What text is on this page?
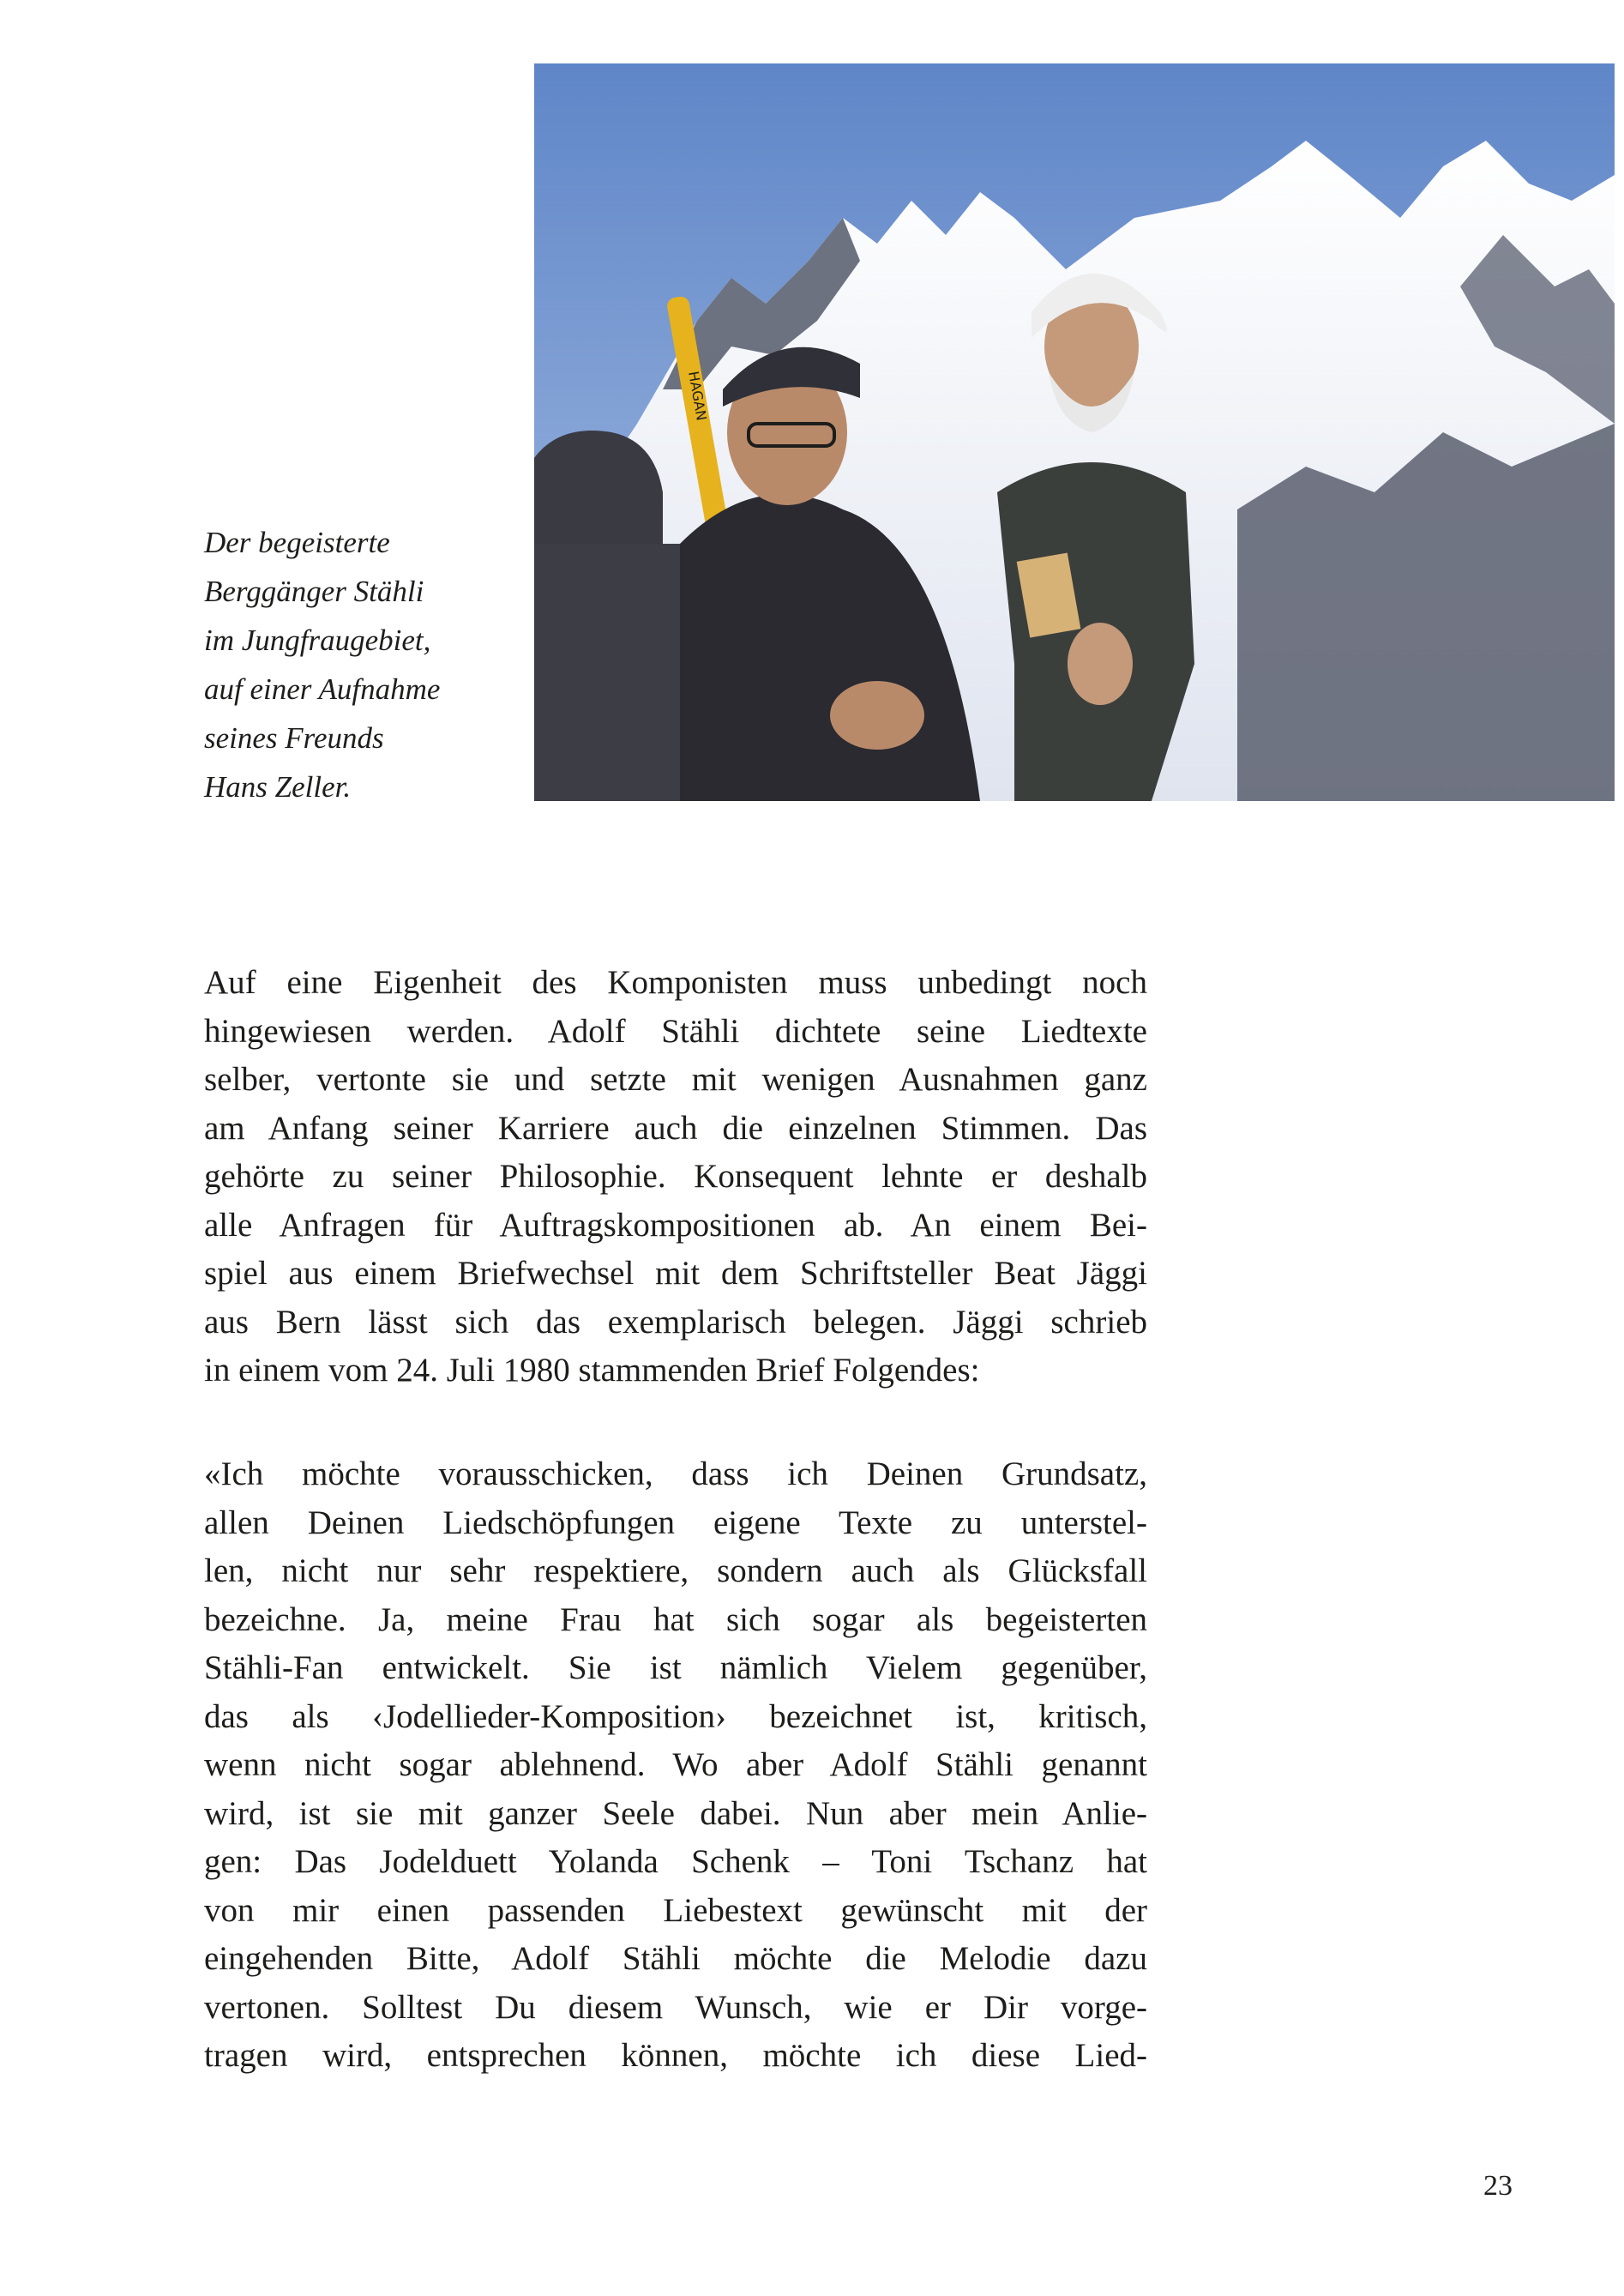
Der begeisterte
Berggänger Stähli
im Jungfraugebiet,
auf einer Aufnahme
seines Freunds
Hans Zeller.
HAGAN
Auf eine Eigenheit des Komponisten muss unbedingt noch
hingewiesen werden. Adolf Stähli dichtete seine Liedtexte
selber, vertonte sie und setzte mit wenigen Ausnahmen ganz
am Anfang seiner Karriere auch die einzelnen Stimmen. Das
gehörte zu seiner Philosophie. Konsequent lehnte er deshalb
alle Anfragen für Auftragskompositionen ab. An einem Bei-
spiel aus einem Briefwechsel mit dem Schriftsteller Beat Jäggi
aus Bern lässt sich das exemplarisch belegen. Jäggi schrieb
in einem vom 24. Juli 1980 stammenden Brief Folgendes:
«Ich möchte vorausschicken, dass ich Deinen Grundsatz,
allen Deinen Liedschöpfungen eigene Texte zu unterstel-
len, nicht nur sehr respektiere, sondern auch als Glücksfall
bezeichne. Ja, meine Frau hat sich sogar als begeisterten
Stähli-Fan entwickelt. Sie ist nämlich Vielem gegenüber,
das als ‹Jodellieder-Komposition› bezeichnet ist, kritisch,
wenn nicht sogar ablehnend. Wo aber Adolf Stähli genannt
wird, ist sie mit ganzer Seele dabei. Nun aber mein Anlie-
gen: Das Jodelduett Yolanda Schenk – Toni Tschanz hat
von mir einen passenden Liebestext gewünscht mit der
eingehenden Bitte, Adolf Stähli möchte die Melodie dazu
vertonen. Solltest Du diesem Wunsch, wie er Dir vorge-
tragen wird, entsprechen können, möchte ich diese Lied-
23
